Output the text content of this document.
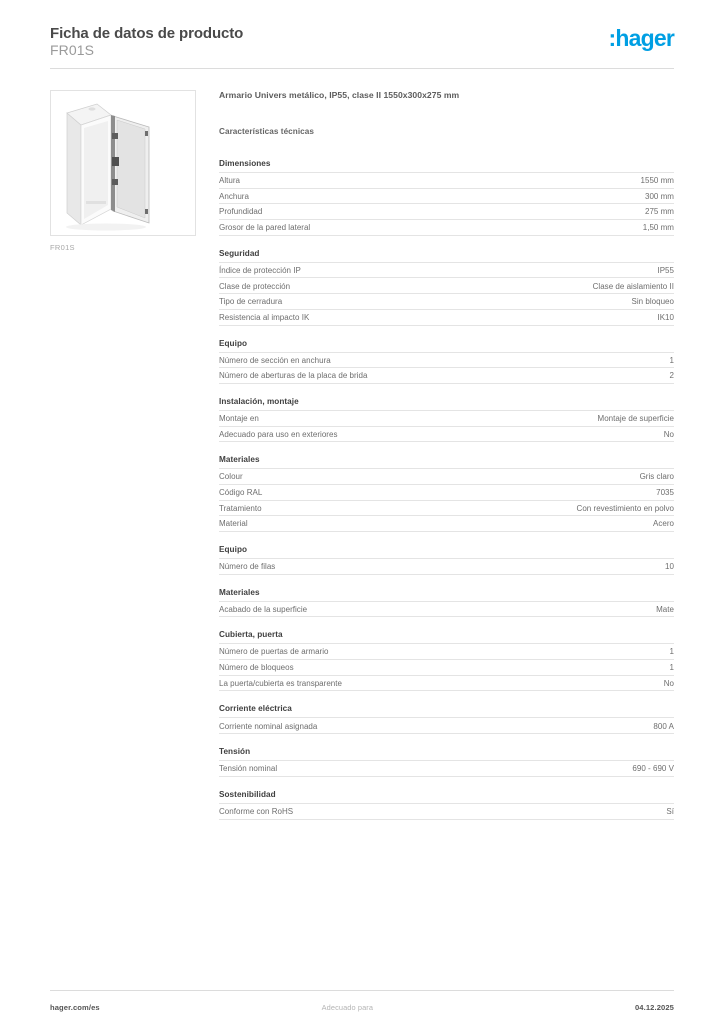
Ficha de datos de producto
FR01S	:hager
FR01S
Armario Univers metálico, IP55, clase II 1550x300x275 mm
Características técnicas
Dimensiones
Altura	1550 mm
Anchura	300 mm
Profundidad	275 mm
Grosor de la pared lateral	1,50 mm
Seguridad
Índice de protección IP	IP55
Clase de protección	Clase de aislamiento II
Tipo de cerradura	Sin bloqueo
Resistencia al impacto IK	IK10
Equipo
Número de sección en anchura	1
Número de aberturas de la placa de brida	2
Instalación, montaje
Montaje en	Montaje de superficie
Adecuado para uso en exteriores	No
Materiales
Colour	Gris claro
Código RAL	7035
Tratamiento	Con revestimiento en polvo
Material	Acero
Equipo
Número de filas	10
Materiales
Acabado de la superficie	Mate
Cubierta, puerta
Número de puertas de armario	1
Número de bloqueos	1
La puerta/cubierta es transparente	No
Corriente eléctrica
Corriente nominal asignada	800 A
Tensión
Tensión nominal	690 - 690 V
Sostenibilidad
Conforme con RoHS	Sí
hager.com/es	Adecuado para	04.12.2025
